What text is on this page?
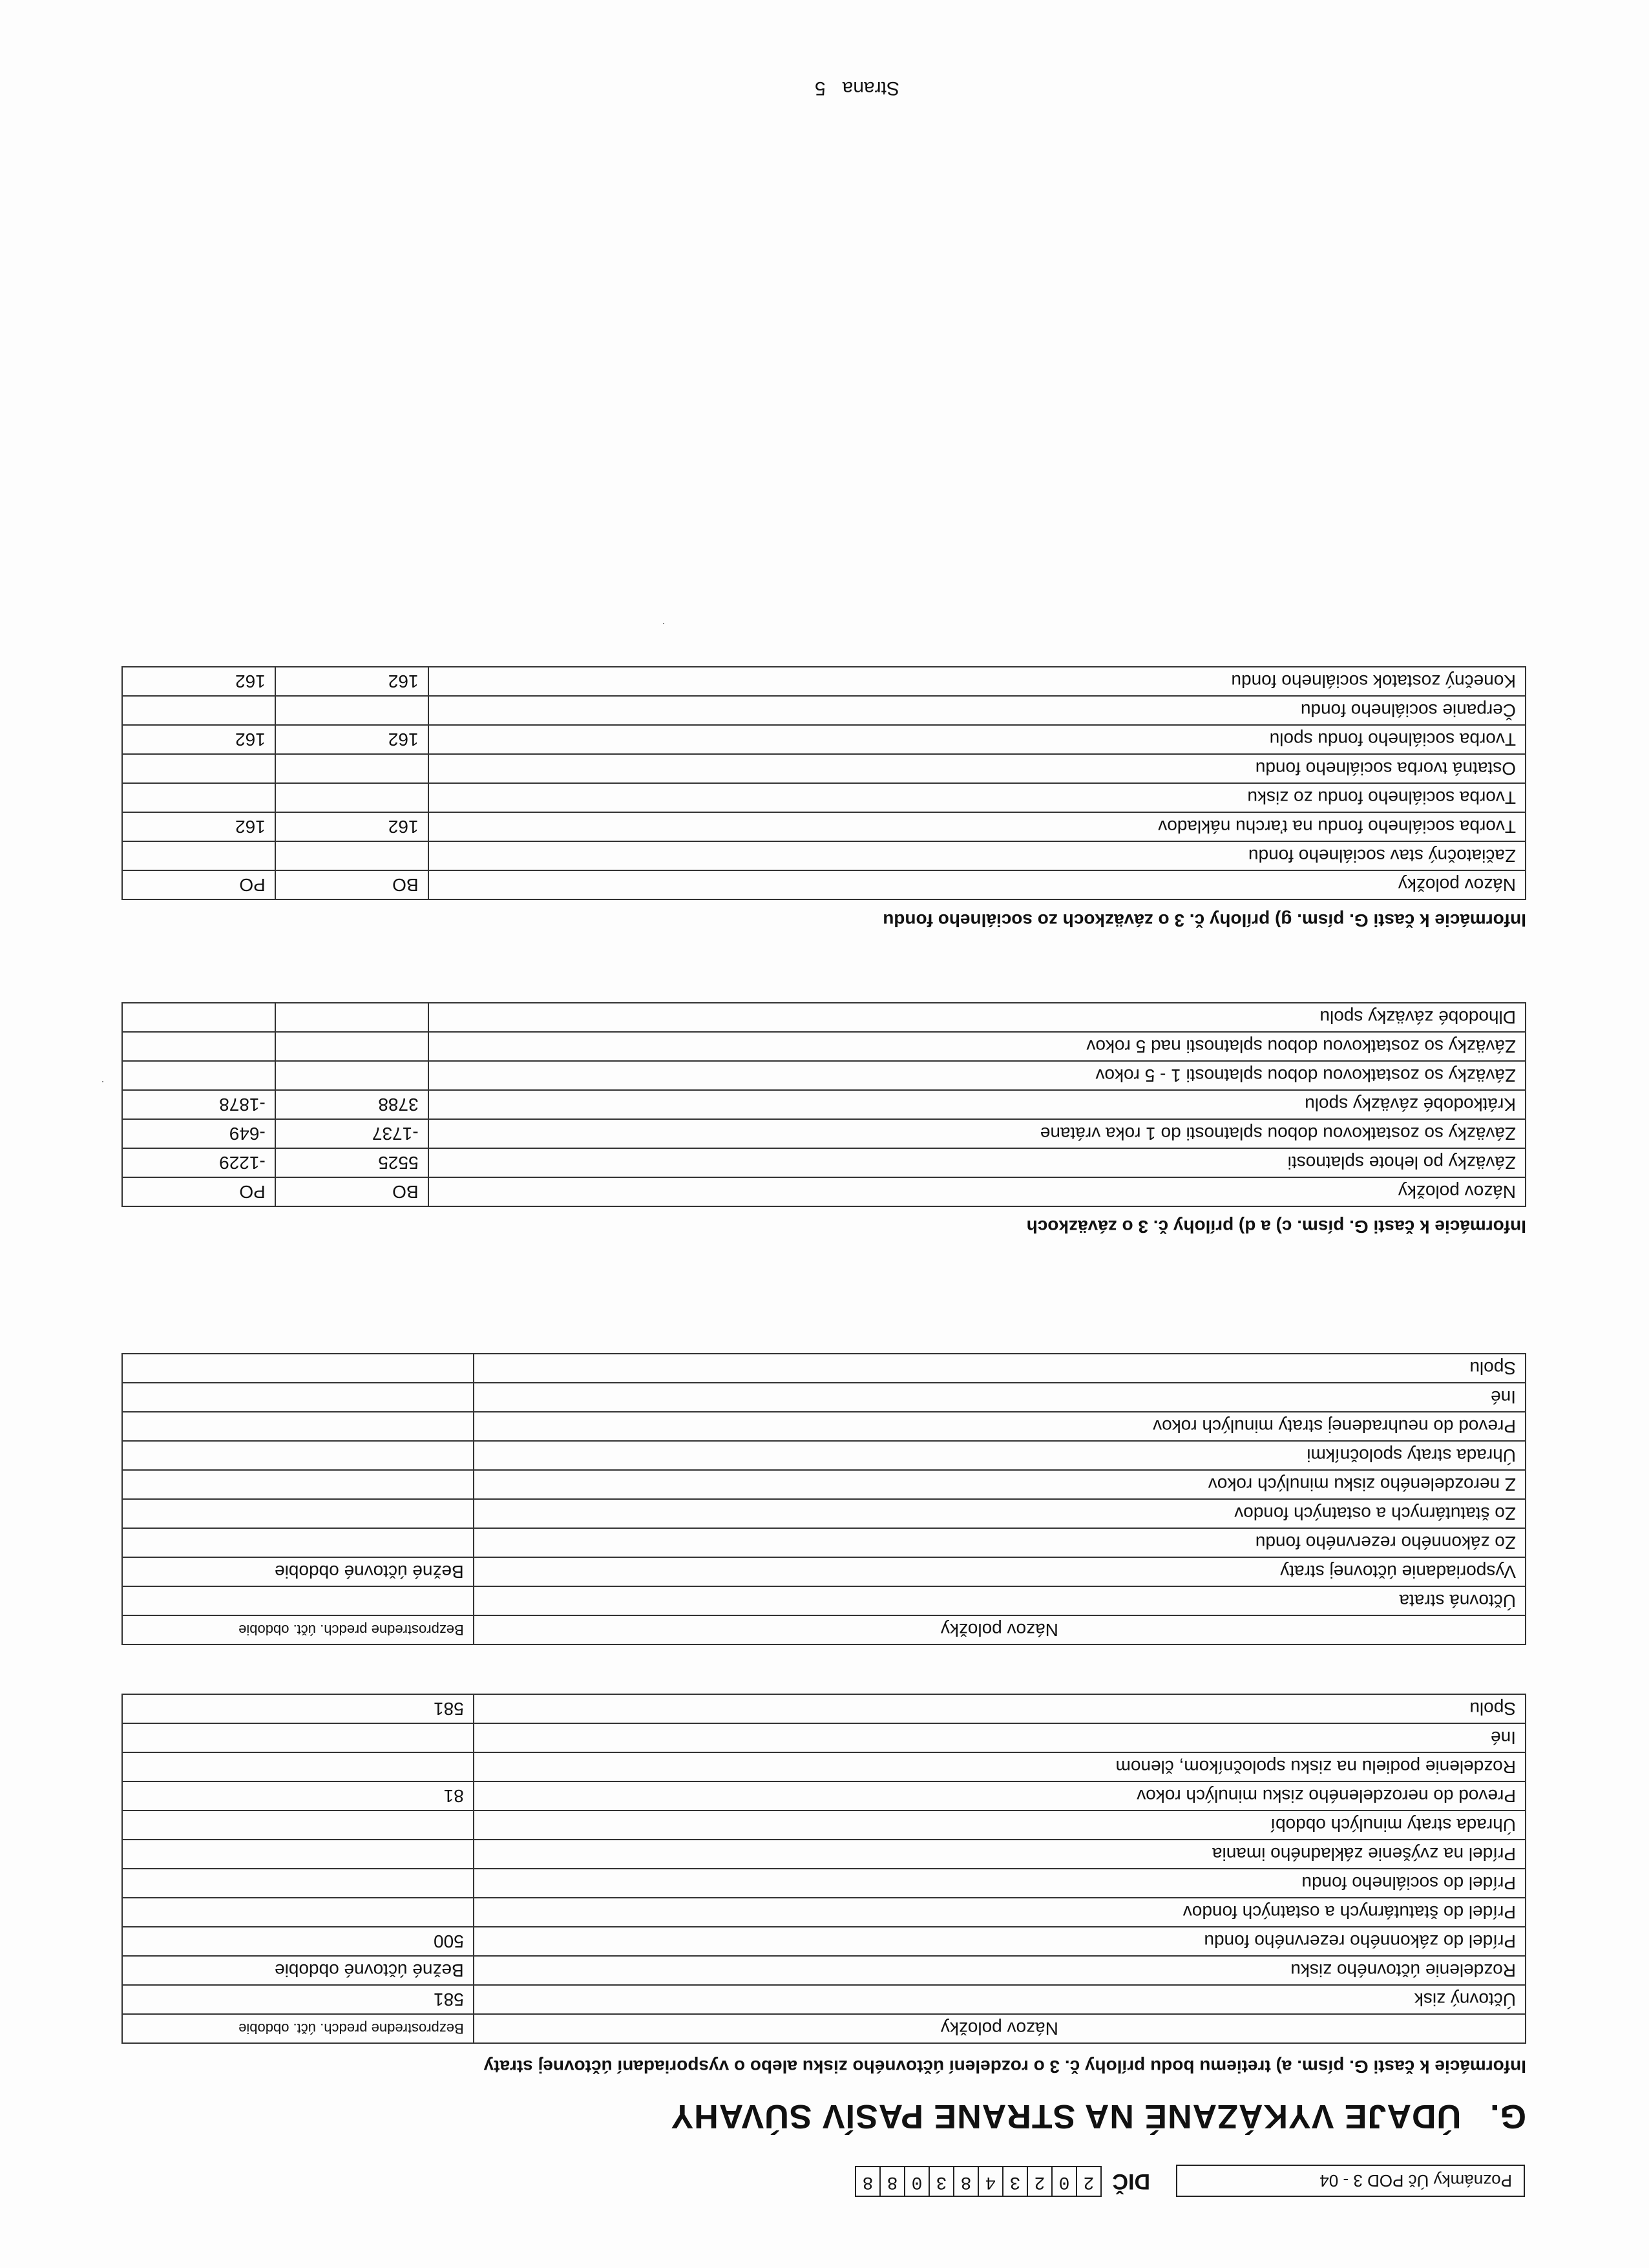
Poznámky Úč POD 3 - 04
DIČ
2
0
2
3
4
8
3
0
8
8
G.ÚDAJE VYKÁZANÉ NA STRANE PASÍV SÚVAHY
Informácie k časti G. písm. a) tretiemu bodu prílohy č. 3 o rozdelení účtovného zisku alebo o vysporiadaní účtovnej straty
Názov položky	Bezprostredne predch. účt. obdobie
Účtovný zisk	581
Rozdelenie účtovného zisku	Bežné účtovné obdobie
Prídel do zákonného rezervného fondu	500
Prídel do štatutárnych a ostatných fondov	
Prídel do sociálneho fondu	
Prídel na zvýšenie základného imania	
Úhrada straty minulých období	
Prevod do nerozdeleného zisku minulých rokov	81
Rozdelenie podielu na zisku spoločníkom, členom	
Iné	
Spolu	581
Názov položky	Bezprostredne predch. účt. obdobie
Účtovná strata	
Vysporiadanie účtovnej straty	Bežné účtovné obdobie
Zo zákonného rezervného fondu	
Zo štatutárnych a ostatných fondov	
Z nerozdeleného zisku minulých rokov	
Úhrada straty spoločníkmi	
Prevod do neuhradenej straty minulých rokov	
Iné	
Spolu	
Informácie k časti G. písm. c) a d) prílohy č. 3 o záväzkoch
Názov položky	BO	PO
Záväzky po lehote splatnosti	5525	-1229
Záväzky so zostatkovou dobou splatnosti do 1 roka vrátane	-1737	-649
Krátkodobé záväzky spolu	3788	-1878
Záväzky so zostatkovou dobou splatnosti 1 - 5 rokov		
Záväzky so zostatkovou dobou splatnosti nad 5 rokov		
Dlhodobé záväzky spolu		
Informácie k časti G. písm. g) prílohy č. 3 o záväzkoch zo sociálneho fondu
Názov položky	BO	PO
Začiatočný stav sociálneho fondu		
Tvorba sociálneho fondu na ťarchu nákladov	162	162
Tvorba sociálneho fondu zo zisku		
Ostatná tvorba sociálneho fondu		
Tvorba sociálneho fondu spolu	162	162
Čerpanie sociálneho fondu		
Konečný zostatok sociálneho fondu	162	162
·
·
Strana5
